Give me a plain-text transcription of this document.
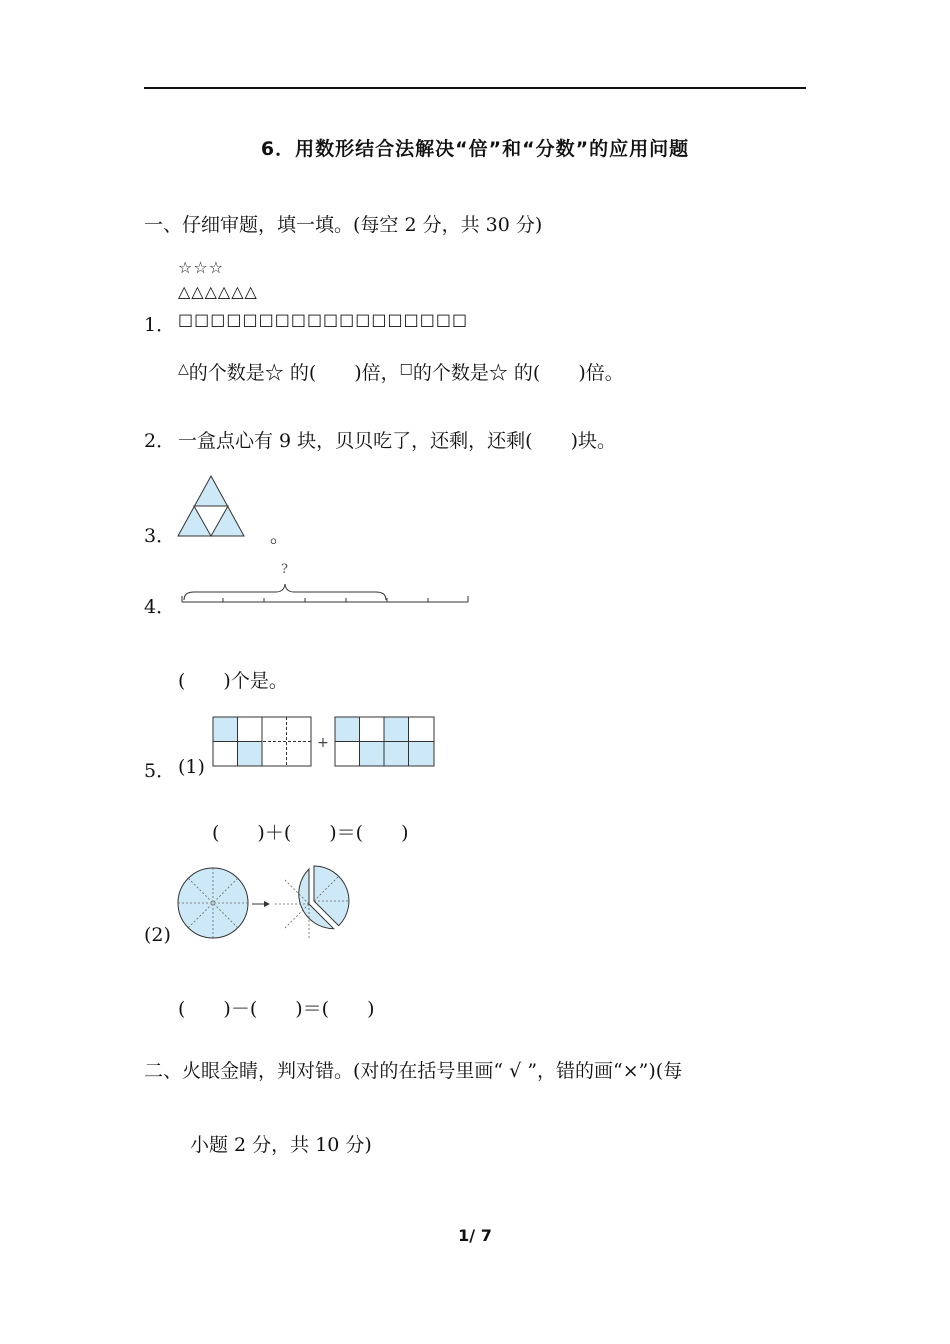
6．用数形结合法解决“倍”和“分数”的应用问题
一、仔细审题，填一填。(每空 2 分，共 30 分)
☆☆☆
△△△△△△
1． □□□□□□□□□□□□□□□□□□
△的个数是☆ 的(　　)倍，□的个数是☆ 的(　　)倍。
2． 一盒点心有 9 块，贝贝吃了，还剩，还剩(　　)块。
3．	。
4．
?
(　　)个是。
5． (1)
+
(　　)＋(　　)＝(　　)
(2)
(　　)－(　　)＝(　　)
二、火眼金睛，判对错。(对的在括号里画“ √ ”，错的画“×”)(每
小题 2 分，共 10 分)
1/ 7
